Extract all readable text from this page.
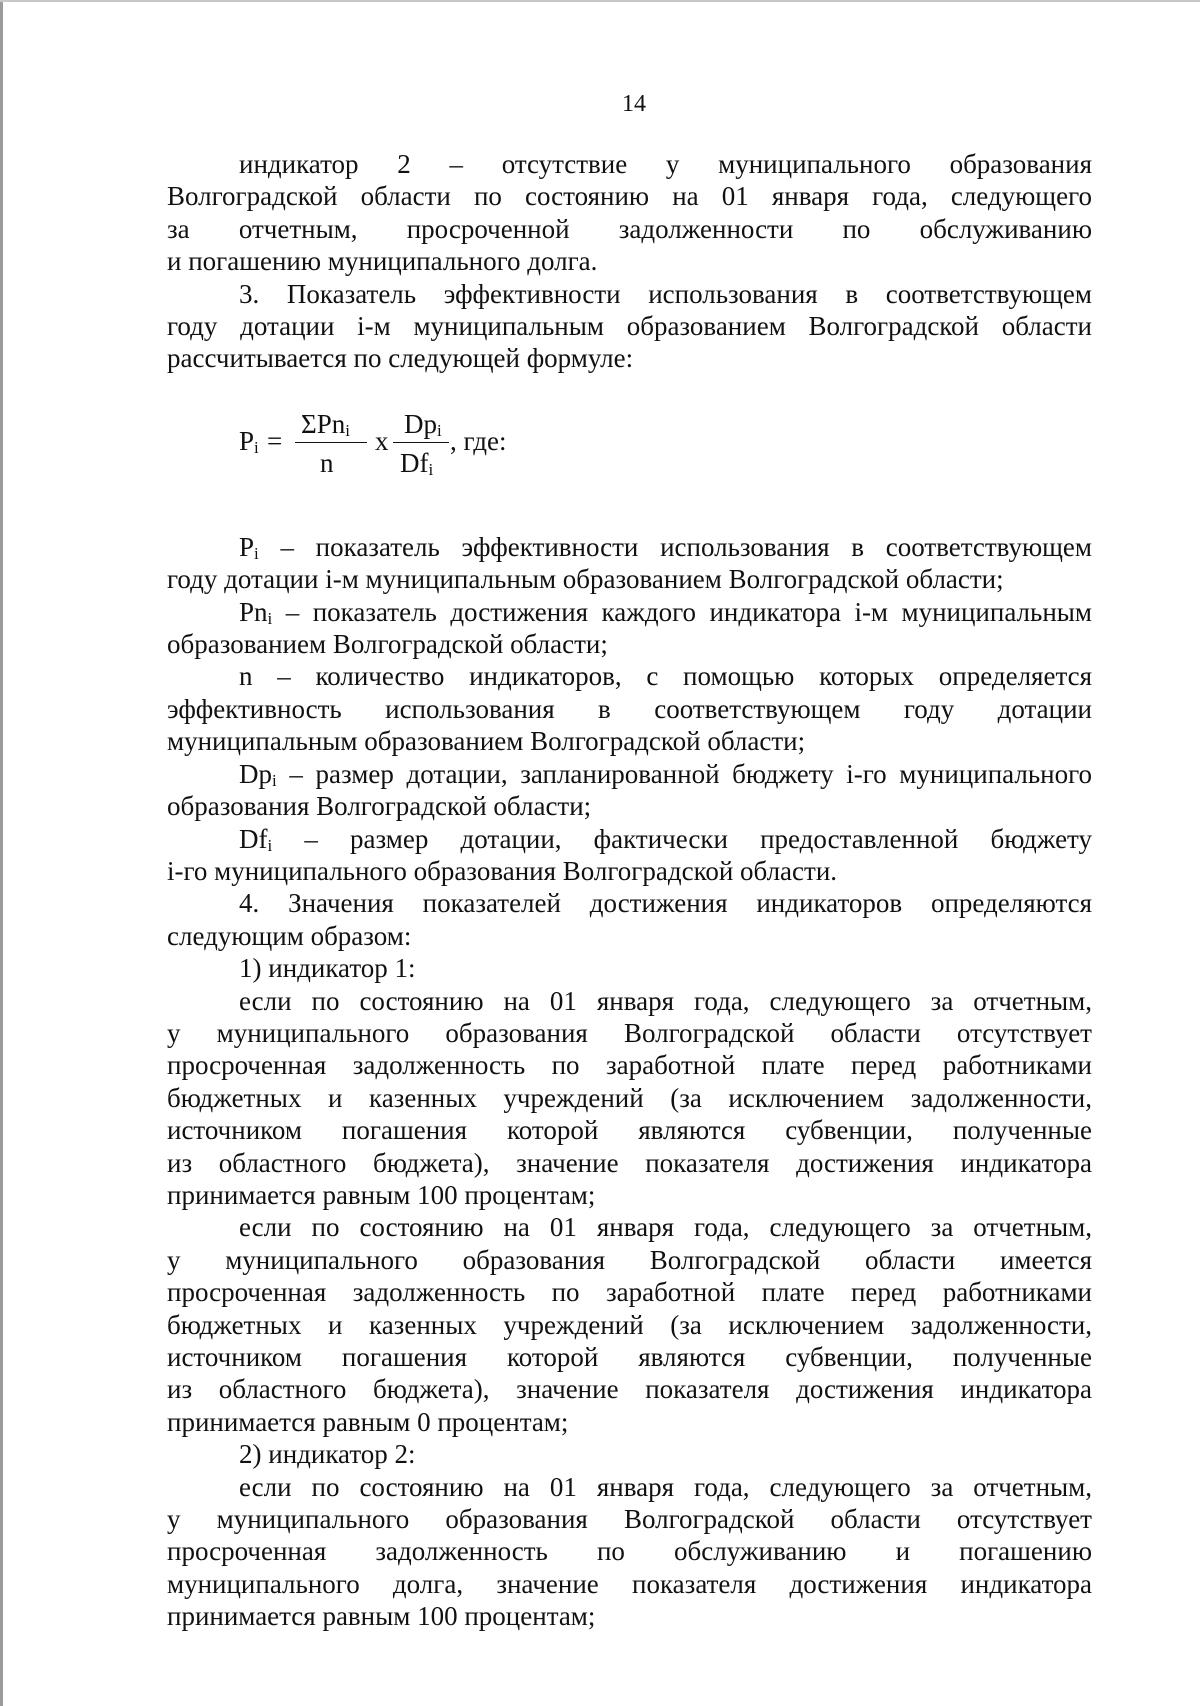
14

индикатор 2 – отсутствие у муниципального образования

Волгоградской области по состоянию на 01 января года, следующего

за отчетным, просроченной задолженности по обслуживанию

и погашению муниципального долга.

3. Показатель эффективности использования в соответствующем

году дотации i-м муниципальным образованием Волгоградской области

рассчитывается по следующей формуле:

$P_i$ =
ΣPn$_i$
n
x
$Dp_i$
$Df_i$
, где:

$P_i$ – показатель эффективности использования в соответствующем

году дотации i-м муниципальным образованием Волгоградской области;

$Pn_i$ – показатель достижения каждого индикатора i-м муниципальным

образованием Волгоградской области;

n – количество индикаторов, с помощью которых определяется

эффективность использования в соответствующем году дотации

муниципальным образованием Волгоградской области;

$Dp_i$ – размер дотации, запланированной бюджету i-го муниципального

образования Волгоградской области;

$Df_i$ – размер дотации, фактически предоставленной бюджету

i-го муниципального образования Волгоградской области.

4. Значения показателей достижения индикаторов определяются

следующим образом:

1) индикатор 1:

если по состоянию на 01 января года, следующего за отчетным,

у муниципального образования Волгоградской области отсутствует

просроченная задолженность по заработной плате перед работниками

бюджетных и казенных учреждений (за исключением задолженности,

источником погашения которой являются субвенции, полученные

из областного бюджета), значение показателя достижения индикатора

принимается равным 100 процентам;

если по состоянию на 01 января года, следующего за отчетным,

у муниципального образования Волгоградской области имеется

просроченная задолженность по заработной плате перед работниками

бюджетных и казенных учреждений (за исключением задолженности,

источником погашения которой являются субвенции, полученные

из областного бюджета), значение показателя достижения индикатора

принимается равным 0 процентам;

2) индикатор 2:

если по состоянию на 01 января года, следующего за отчетным,

у муниципального образования Волгоградской области отсутствует

просроченная задолженность по обслуживанию и погашению

муниципального долга, значение показателя достижения индикатора

принимается равным 100 процентам;
